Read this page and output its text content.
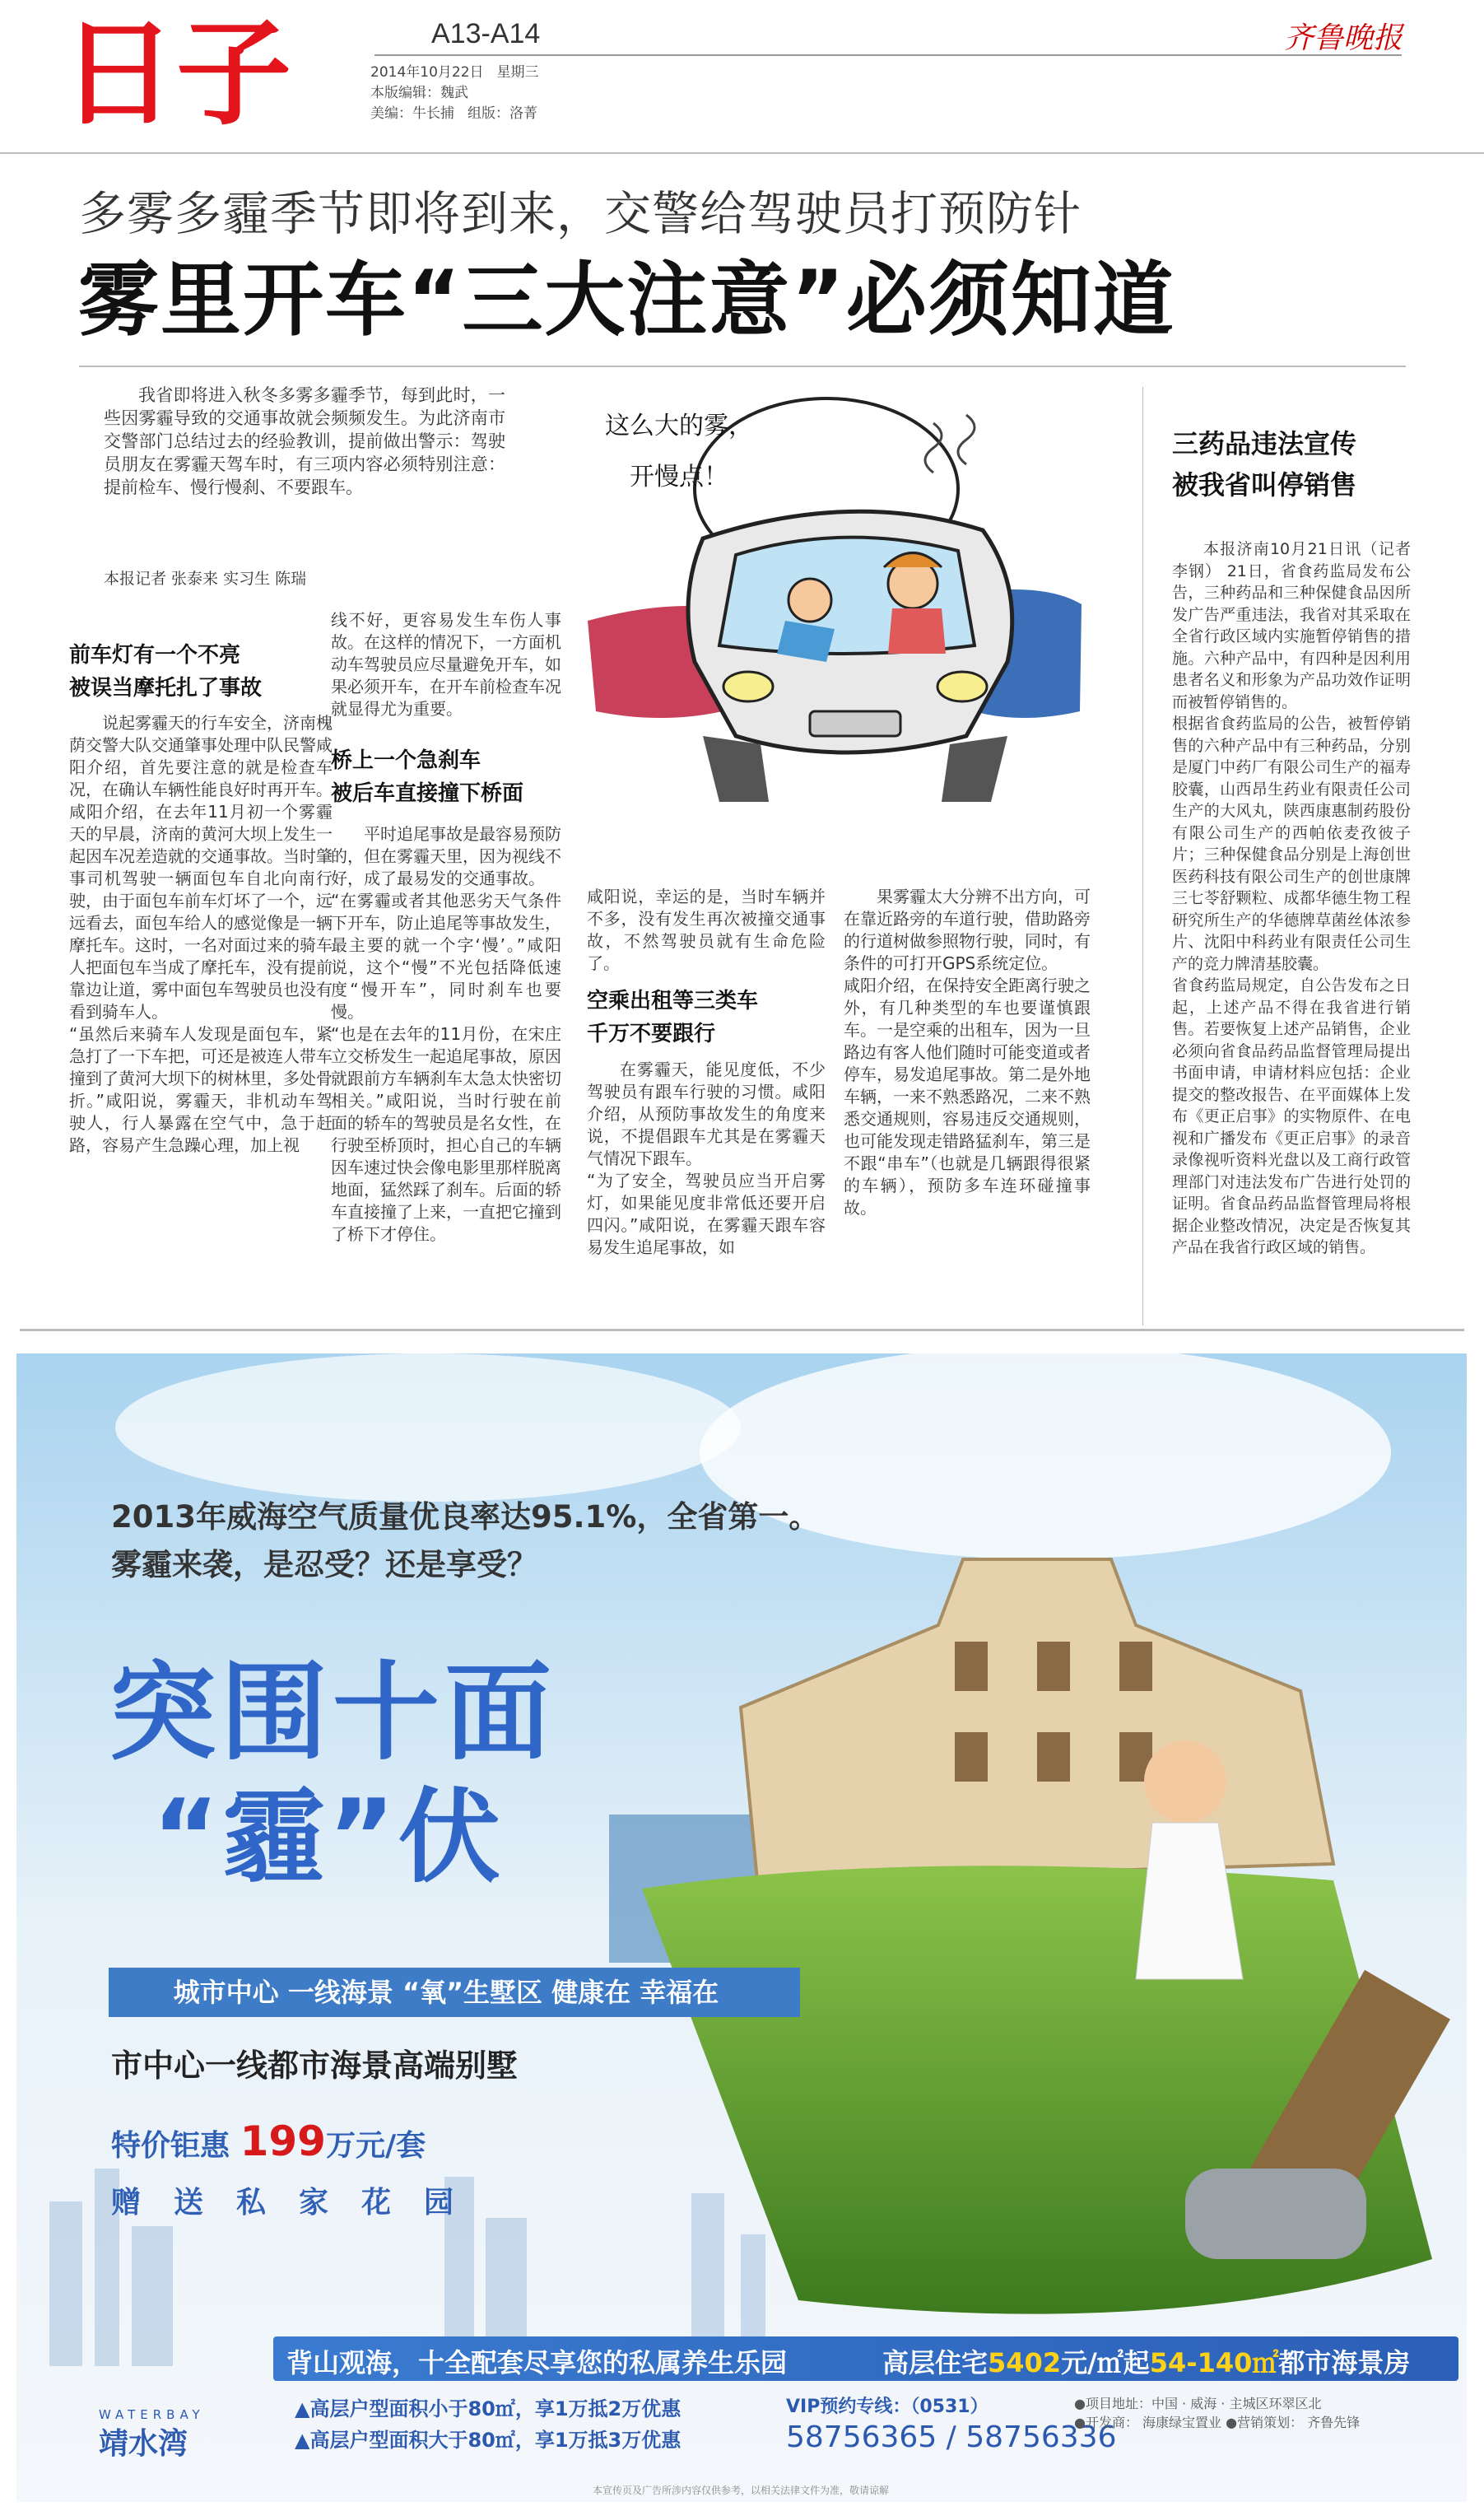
日子	A13-A14	齐鲁晚报
2014年10月22日 星期三
本版编辑：魏武
美编：牛长捕 组版：洛菁
多雾多霾季节即将到来，交警给驾驶员打预防针
雾里开车“三大注意”必须知道
我省即将进入秋冬多雾多霾季节，每到此时，一些因雾霾导致的交通事故就会频频发生。为此济南市交警部门总结过去的经验教训，提前做出警示：驾驶员朋友在雾霾天驾车时，有三项内容必须特别注意：提前检车、慢行慢刹、不要跟车。
本报记者 张泰来 实习生 陈瑞
前车灯有一个不亮
被误当摩托扎了事故
说起雾霾天的行车安全，济南槐荫交警大队交通肇事处理中队民警咸阳介绍，首先要注意的就是检查车况，在确认车辆性能良好时再开车。
咸阳介绍，在去年11月初一个雾霾天的早晨，济南的黄河大坝上发生一起因车况差造就的交通事故。当时肇事司机驾驶一辆面包车自北向南行驶，由于面包车前车灯坏了一个，远远看去，面包车给人的感觉像是一辆摩托车。这时，一名对面过来的骑车人把面包车当成了摩托车，没有提前靠边让道，雾中面包车驾驶员也没有看到骑车人。
“虽然后来骑车人发现是面包车，紧急打了一下车把，可还是被连人带车撞到了黄河大坝下的树林里，多处骨折。”咸阳说，雾霾天，非机动车驾驶人，行人暴露在空气中，急于赶路，容易产生急躁心理，加上视
线不好，更容易发生车伤人事故。在这样的情况下，一方面机动车驾驶员应尽量避免开车，如果必须开车，在开车前检查车况就显得尤为重要。
桥上一个急刹车
被后车直接撞下桥面
平时追尾事故是最容易预防的，但在雾霾天里，因为视线不好，成了最易发的交通事故。
“在雾霾或者其他恶劣天气条件下开车，防止追尾等事故发生，最主要的就一个字‘慢’。”咸阳说，这个“慢”不光包括降低速度“慢开车”，同时刹车也要慢。
“也是在去年的11月份，在宋庄立交桥发生一起追尾事故，原因就跟前方车辆刹车太急太快密切相关。”咸阳说，当时行驶在前面的轿车的驾驶员是名女性，在行驶至桥顶时，担心自己的车辆因车速过快会像电影里那样脱离地面，猛然踩了刹车。后面的轿车直接撞了上来，一直把它撞到了桥下才停住。
咸阳说，幸运的是，当时车辆并不多，没有发生再次被撞交通事故，不然驾驶员就有生命危险了。
空乘出租等三类车
千万不要跟行
在雾霾天，能见度低，不少驾驶员有跟车行驶的习惯。咸阳介绍，从预防事故发生的角度来说，不提倡跟车尤其是在雾霾天气情况下跟车。
“为了安全，驾驶员应当开启雾灯，如果能见度非常低还要开启四闪。”咸阳说，在雾霾天跟车容易发生追尾事故，如
果雾霾太大分辨不出方向，可在靠近路旁的车道行驶，借助路旁的行道树做参照物行驶，同时，有条件的可打开GPS系统定位。
咸阳介绍，在保持安全距离行驶之外，有几种类型的车也要谨慎跟车。一是空乘的出租车，因为一旦路边有客人他们随时可能变道或者停车，易发追尾事故。第二是外地车辆，一来不熟悉路况，二来不熟悉交通规则，容易违反交通规则，也可能发现走错路猛刹车，第三是不跟“串车”（也就是几辆跟得很紧的车辆），预防多车连环碰撞事故。
这么大的雾，
开慢点！
三药品违法宣传
被我省叫停销售
本报济南10月21日讯（记者 李钢） 21日，省食药监局发布公告，三种药品和三种保健食品因所发广告严重违法，我省对其采取在全省行政区域内实施暂停销售的措施。六种产品中，有四种是因利用患者名义和形象为产品功效作证明而被暂停销售的。
根据省食药监局的公告，被暂停销售的六种产品中有三种药品，分别是厦门中药厂有限公司生产的福寿胶囊，山西昂生药业有限责任公司生产的大风丸，陕西康惠制药股份有限公司生产的西帕依麦孜彼子片；三种保健食品分别是上海创世医药科技有限公司生产的创世康牌三七苓舒颗粒、成都华德生物工程研究所生产的华德牌草菌丝体浓参片、沈阳中科药业有限责任公司生产的竞力牌清基胶囊。
省食药监局规定，自公告发布之日起，上述产品不得在我省进行销售。若要恢复上述产品销售，企业必须向省食品药品监督管理局提出书面申请，申请材料应包括：企业提交的整改报告、在平面媒体上发布《更正启事》的实物原件、在电视和广播发布《更正启事》的录音录像视听资料光盘以及工商行政管理部门对违法发布广告进行处罚的证明。省食品药品监督管理局将根据企业整改情况，决定是否恢复其产品在我省行政区域的销售。
2013年威海空气质量优良率达95.1%，全省第一。
雾霾来袭，是忍受？还是享受？
突围十面
“霾”伏
城市中心 一线海景 “氧”生墅区 健康在 幸福在
市中心一线都市海景高端别墅
特价钜惠 199万元/套
赠送私家花园
背山观海，十全配套尽享您的私属养生乐园	高层住宅5402元/㎡起54-140㎡都市海景房
▲高层户型面积小于80㎡，享1万抵2万优惠
▲高层户型面积大于80㎡，享1万抵3万优惠
VIP预约专线：（0531）
58756365 / 58756336
●项目地址：中国 · 威海 · 主城区环翠区北
●开发商： 海康绿宝置业 ●营销策划： 齐鲁先锋
本宣传页及广告所涉内容仅供参考，以相关法律文件为准，敬请谅解
WATERBAY
靖水湾
